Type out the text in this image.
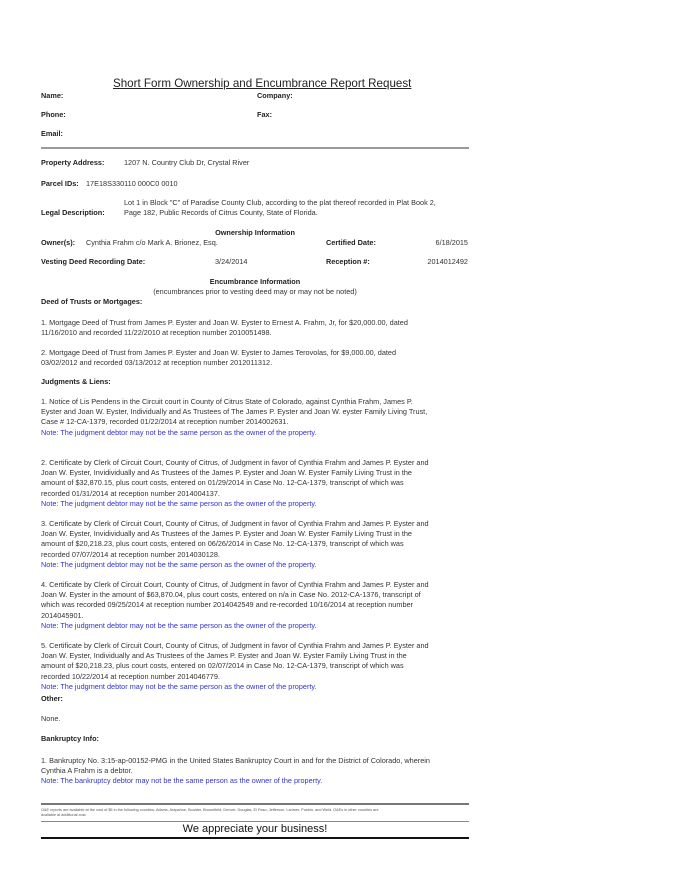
Short Form Ownership and Encumbrance Report Request
Name:	Company:
Phone:	Fax:
Email:
Property Address:	1207 N. Country Club Dr, Crystal River
Parcel IDs: 17E18S330110 000C0 0010
Lot 1 in Block "C" of Paradise County Club, according to the plat thereof recorded in Plat Book 2,
Legal Description:	Page 182, Public Records of Citrus County, State of Florida.
Ownership Information
Owner(s): Cynthia Frahm c/o Mark A. Brionez, Esq.	Certified Date:	6/18/2015
Vesting Deed Recording Date:	3/24/2014	Reception #:	2014012492
Encumbrance Information
(encumbrances prior to vesting deed may or may not be noted)
Deed of Trusts or Mortgages:
1. Mortgage Deed of Trust from James P. Eyster and Joan W. Eyster to Ernest A. Frahm, Jr, for $20,000.00, dated
11/16/2010 and recorded 11/22/2010 at reception number 2010051498.
2. Mortgage Deed of Trust from James P. Eyster and Joan W. Eyster to James Terovolas, for $9,000.00, dated
03/02/2012 and recorded 03/13/2012 at reception number 2012011312.
Judgments & Liens:
1. Notice of Lis Pendens in the Circuit court in County of Citrus State of Colorado, against Cynthia Frahm, James P.
Eyster and Joan W. Eyster, Individually and As Trustees of The James P. Eyster and Joan W. eyster Family Living Trust,
Case # 12-CA-1379, recorded 01/22/2014 at reception number 2014002631.
Note: The judgment debtor may not be the same person as the owner of the property.
2. Certificate by Clerk of Circuit Court, County of Citrus, of Judgment in favor of Cynthia Frahm and James P. Eyster and
Joan W. Eyster, Invidividually and As Trustees of the James P. Eyster and Joan W. Eyster Family Living Trust in the
amount of $32,870.15, plus court costs, entered on 01/29/2014 in Case No. 12-CA-1379, transcript of which was
recorded 01/31/2014 at reception number 2014004137.
Note: The judgment debtor may not be the same person as the owner of the property.
3. Certificate by Clerk of Circuit Court, County of Citrus, of Judgment in favor of Cynthia Frahm and James P. Eyster and
Joan W. Eyster, Invidividually and As Trustees of the James P. Eyster and Joan W. Eyster Family Living Trust in the
amount of $20,218.23, plus court costs, entered on 06/26/2014 in Case No. 12-CA-1379, transcript of which was
recorded 07/07/2014 at reception number 2014030128.
Note: The judgment debtor may not be the same person as the owner of the property.
4. Certificate by Clerk of Circuit Court, County of Citrus, of Judgment in favor of Cynthia Frahm and James P. Eyster and
Joan W. Eyster in the amount of $63,870.04, plus court costs, entered on n/a in Case No. 2012-CA-1376, transcript of
which was recorded 09/25/2014 at reception number 2014042549 and re-recorded 10/16/2014 at reception number
2014045901.
Note: The judgment debtor may not be the same person as the owner of the property.
5. Certificate by Clerk of Circuit Court, County of Citrus, of Judgment in favor of Cynthia Frahm and James P. Eyster and
Joan W. Eyster, Individually and As Trustees of the James P. Eyster and Joan W. Eyster Family Living Trust in the
amount of $20,218.23, plus court costs, entered on 02/07/2014 in Case No. 12-CA-1379, transcript of which was
recorded 10/22/2014 at reception number 2014046779.
Note: The judgment debtor may not be the same person as the owner of the property.
Other:
None.
Bankruptcy Info:
1. Bankruptcy No. 3:15-ap-00152-PMG in the United States Bankruptcy Court in and for the District of Colorado, wherein
Cynthia A Frahm is a debtor.
Note: The bankruptcy debtor may not be the same person as the owner of the property.
O&E reports are available at the cost of $5 in the following counties: Adams, Arapahoe, Boulder, Broomfield, Denver, Douglas, El Paso, Jefferson, Larimer, Pueblo, and Weld. O&Es in other counties are
available at additional cost.
We appreciate your business!
